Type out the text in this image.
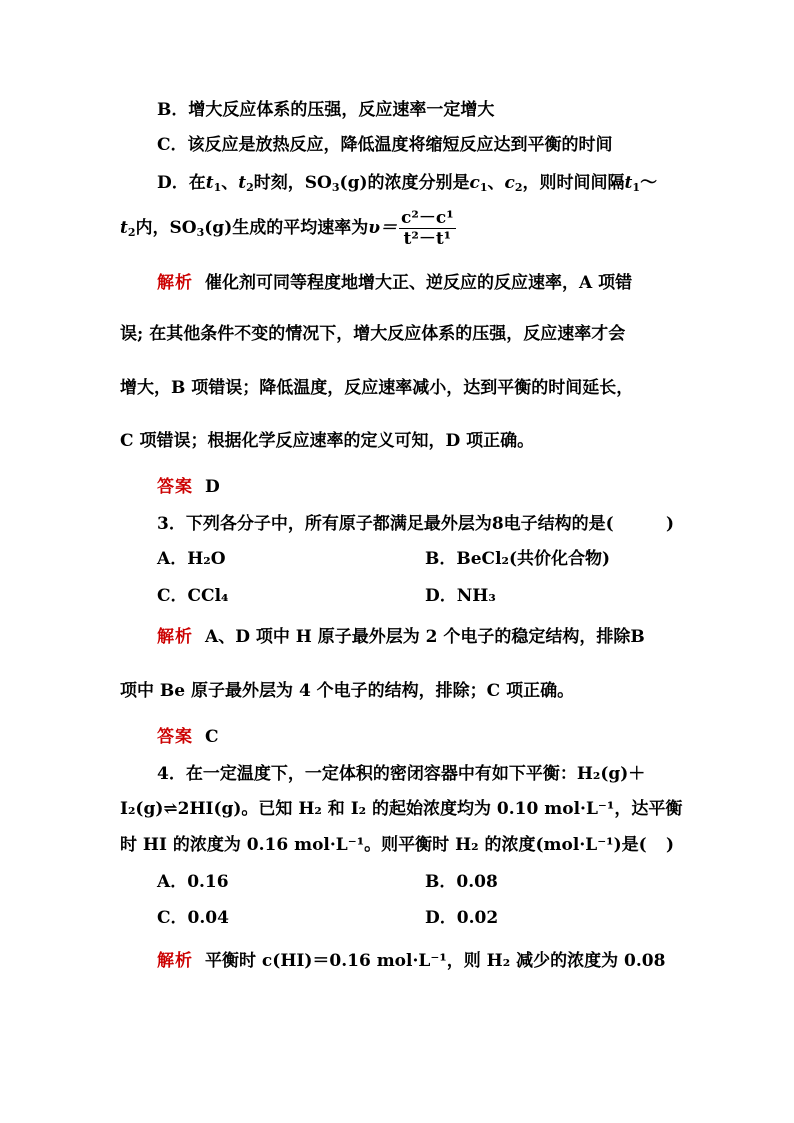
B．增大反应体系的压强，反应速率一定增大
C．该反应是放热反应，降低温度将缩短反应达到平衡的时间
D．在$t_1$、$t_2$时刻，$SO_3(g)$的浓度分别是$c_1$、$c_2$，则时间间隔$t_1\sim$
$t_2$内，$SO_3(g)$生成的平均速率为$\upsilon= \frac{\text{c²－c¹}}{\text{t²－t¹}}$
解析 催化剂可同等程度地增大正、逆反应的反应速率，A 项错
误; 在其他条件不变的情况下，增大反应体系的压强，反应速率才会
增大，B 项错误；降低温度，反应速率减小，达到平衡的时间延长，
C 项错误；根据化学反应速率的定义可知，D 项正确。
答案 D
3．下列各分子中，所有原子都满足最外层为8电子结构的是(	)
A．H₂O	B．BeCl₂(共价化合物)
C．CCl₄	D．NH₃
解析 A、D 项中 H 原子最外层为 2 个电子的稳定结构，排除B
项中 Be 原子最外层为 4 个电子的结构，排除；C 项正确。
答案 C
4．在一定温度下，一定体积的密闭容器中有如下平衡：H₂(g)＋
I₂(g)⇌2HI(g)。已知 H₂ 和 I₂ 的起始浓度均为 0.10 mol·L⁻¹，达平衡
时 HI 的浓度为 0.16 mol·L⁻¹。则平衡时 H₂ 的浓度(mol·L⁻¹)是( )
A．0.16	B．0.08
C．0.04	D．0.02
解析 平衡时 c(HI)＝0.16 mol·L⁻¹，则 H₂ 减少的浓度为 0.08
